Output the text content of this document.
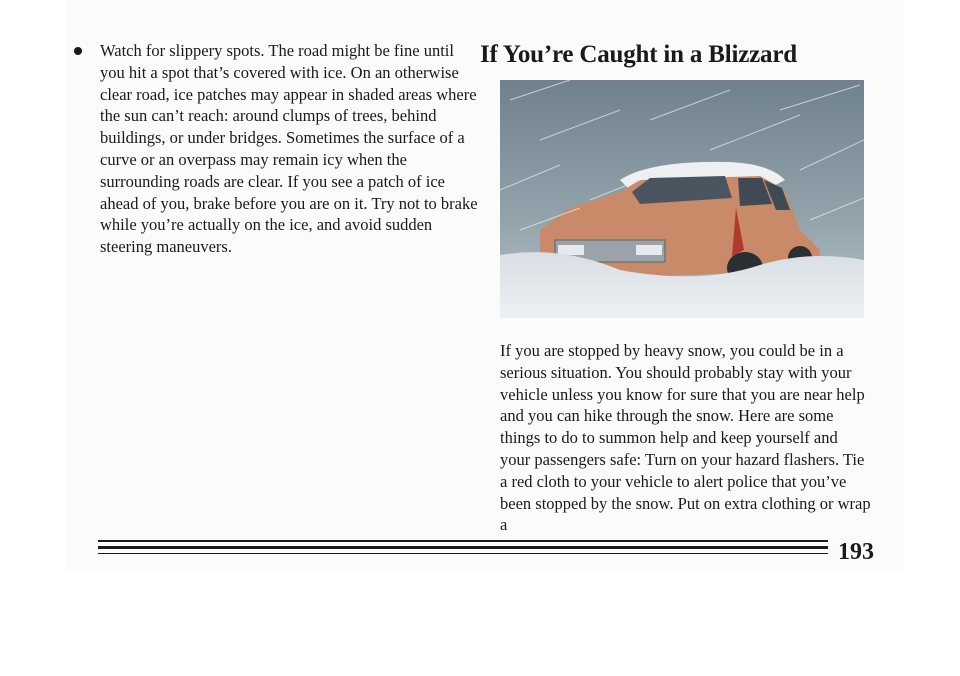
Watch for slippery spots. The road might be fine until you hit a spot that’s covered with ice. On an otherwise clear road, ice patches may appear in shaded areas where the sun can’t reach: around clumps of trees, behind buildings, or under bridges. Sometimes the surface of a curve or an overpass may remain icy when the surrounding roads are clear. If you see a patch of ice ahead of you, brake before you are on it. Try not to brake while you’re actually on the ice, and avoid sudden steering maneuvers.

If You’re Caught in a Blizzard

If you are stopped by heavy snow, you could be in a serious situation. You should probably stay with your vehicle unless you know for sure that you are near help and you can hike through the snow. Here are some things to do to summon help and keep yourself and your passengers safe: Turn on your hazard flashers. Tie a red cloth to your vehicle to alert police that you’ve been stopped by the snow. Put on extra clothing or wrap a

193
